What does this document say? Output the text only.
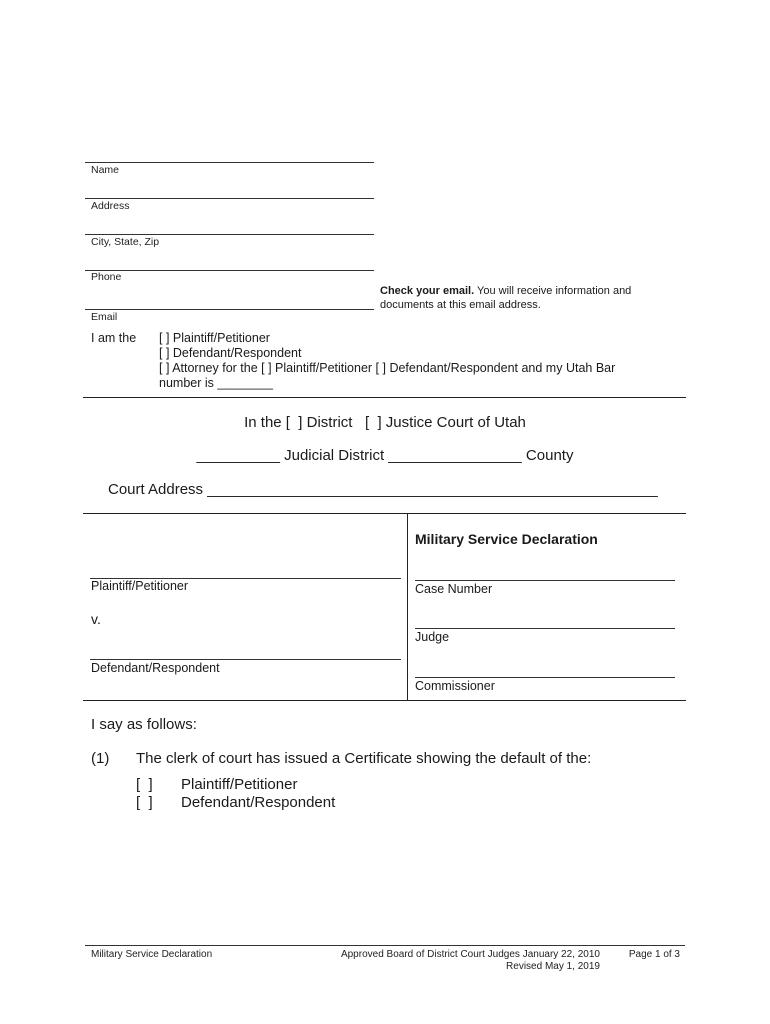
Name
Address
City, State, Zip
Phone
Check your email. You will receive information and documents at this email address.
Email
I am the [ ] Plaintiff/Petitioner
[ ] Defendant/Respondent
[ ] Attorney for the [ ] Plaintiff/Petitioner [ ] Defendant/Respondent and my Utah Bar
number is ________
In the [  ] District   [  ] Justice Court of Utah
__________ Judicial District ________________ County
Court Address ______________________________________________________
Plaintiff/Petitioner
v.
Defendant/Respondent
Military Service Declaration
Case Number
Judge
Commissioner
I say as follows:
(1) The clerk of court has issued a Certificate showing the default of the:
[  ] Plaintiff/Petitioner
[  ] Defendant/Respondent
Military Service Declaration	Approved Board of District Court Judges January 22, 2010
Revised May 1, 2019
Page 1 of 3
